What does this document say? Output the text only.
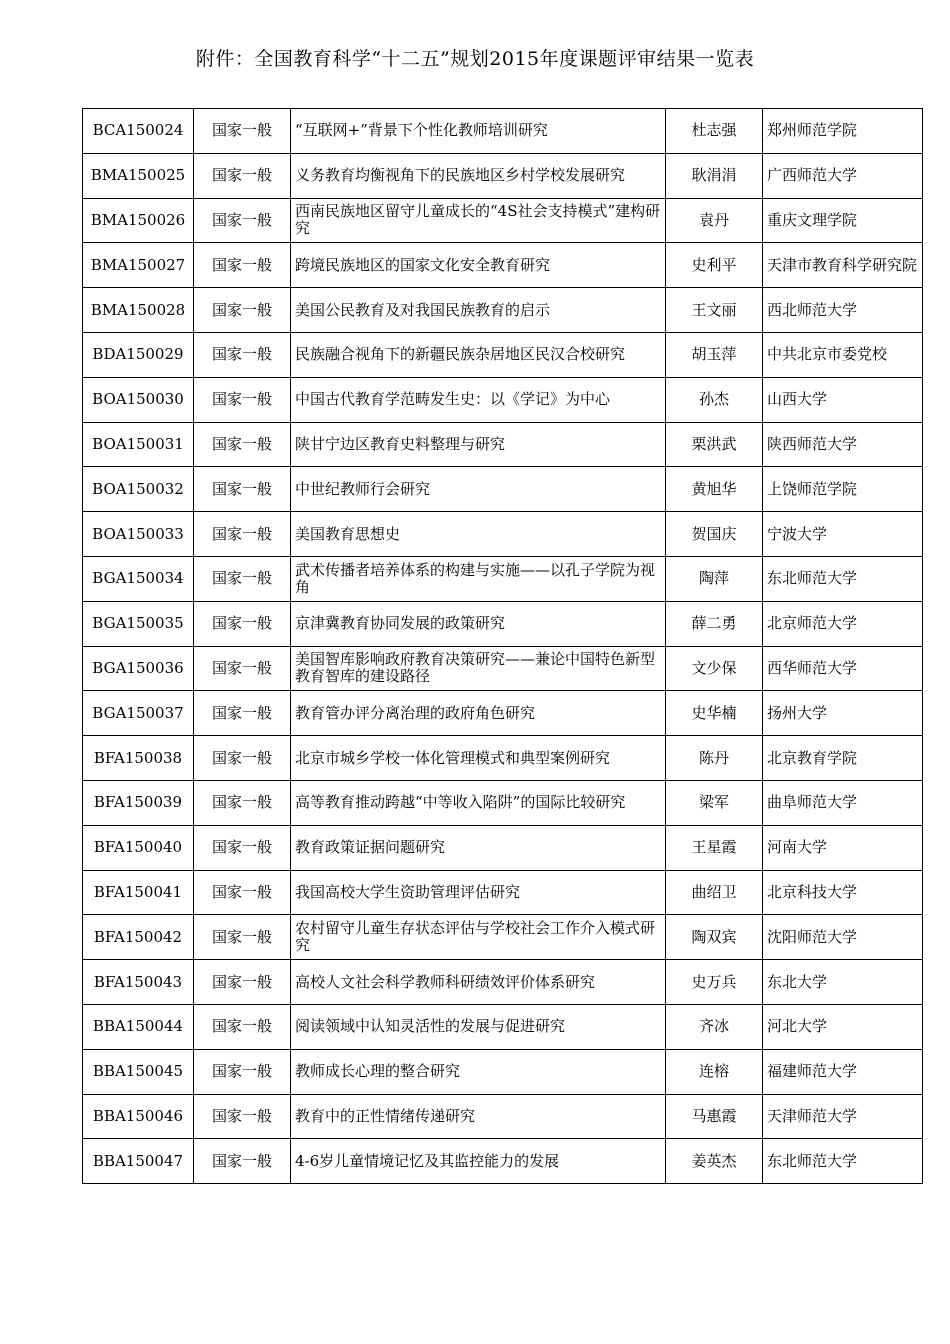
附件：全国教育科学“十二五”规划2015年度课题评审结果一览表
BCA150024	国家一般	“互联网+”背景下个性化教师培训研究	杜志强	郑州师范学院
BMA150025	国家一般	义务教育均衡视角下的民族地区乡村学校发展研究	耿涓涓	广西师范大学
BMA150026	国家一般	西南民族地区留守儿童成长的“4S社会支持模式”建构研究	袁丹	重庆文理学院
BMA150027	国家一般	跨境民族地区的国家文化安全教育研究	史利平	天津市教育科学研究院
BMA150028	国家一般	美国公民教育及对我国民族教育的启示	王文丽	西北师范大学
BDA150029	国家一般	民族融合视角下的新疆民族杂居地区民汉合校研究	胡玉萍	中共北京市委党校
BOA150030	国家一般	中国古代教育学范畴发生史：以《学记》为中心	孙杰	山西大学
BOA150031	国家一般	陕甘宁边区教育史料整理与研究	栗洪武	陕西师范大学
BOA150032	国家一般	中世纪教师行会研究	黄旭华	上饶师范学院
BOA150033	国家一般	美国教育思想史	贺国庆	宁波大学
BGA150034	国家一般	武术传播者培养体系的构建与实施——以孔子学院为视角	陶萍	东北师范大学
BGA150035	国家一般	京津冀教育协同发展的政策研究	薛二勇	北京师范大学
BGA150036	国家一般	美国智库影响政府教育决策研究——兼论中国特色新型教育智库的建设路径	文少保	西华师范大学
BGA150037	国家一般	教育管办评分离治理的政府角色研究	史华楠	扬州大学
BFA150038	国家一般	北京市城乡学校一体化管理模式和典型案例研究	陈丹	北京教育学院
BFA150039	国家一般	高等教育推动跨越“中等收入陷阱”的国际比较研究	梁军	曲阜师范大学
BFA150040	国家一般	教育政策证据问题研究	王星霞	河南大学
BFA150041	国家一般	我国高校大学生资助管理评估研究	曲绍卫	北京科技大学
BFA150042	国家一般	农村留守儿童生存状态评估与学校社会工作介入模式研究	陶双宾	沈阳师范大学
BFA150043	国家一般	高校人文社会科学教师科研绩效评价体系研究	史万兵	东北大学
BBA150044	国家一般	阅读领域中认知灵活性的发展与促进研究	齐冰	河北大学
BBA150045	国家一般	教师成长心理的整合研究	连榕	福建师范大学
BBA150046	国家一般	教育中的正性情绪传递研究	马惠霞	天津师范大学
BBA150047	国家一般	4-6岁儿童情境记忆及其监控能力的发展	姜英杰	东北师范大学
